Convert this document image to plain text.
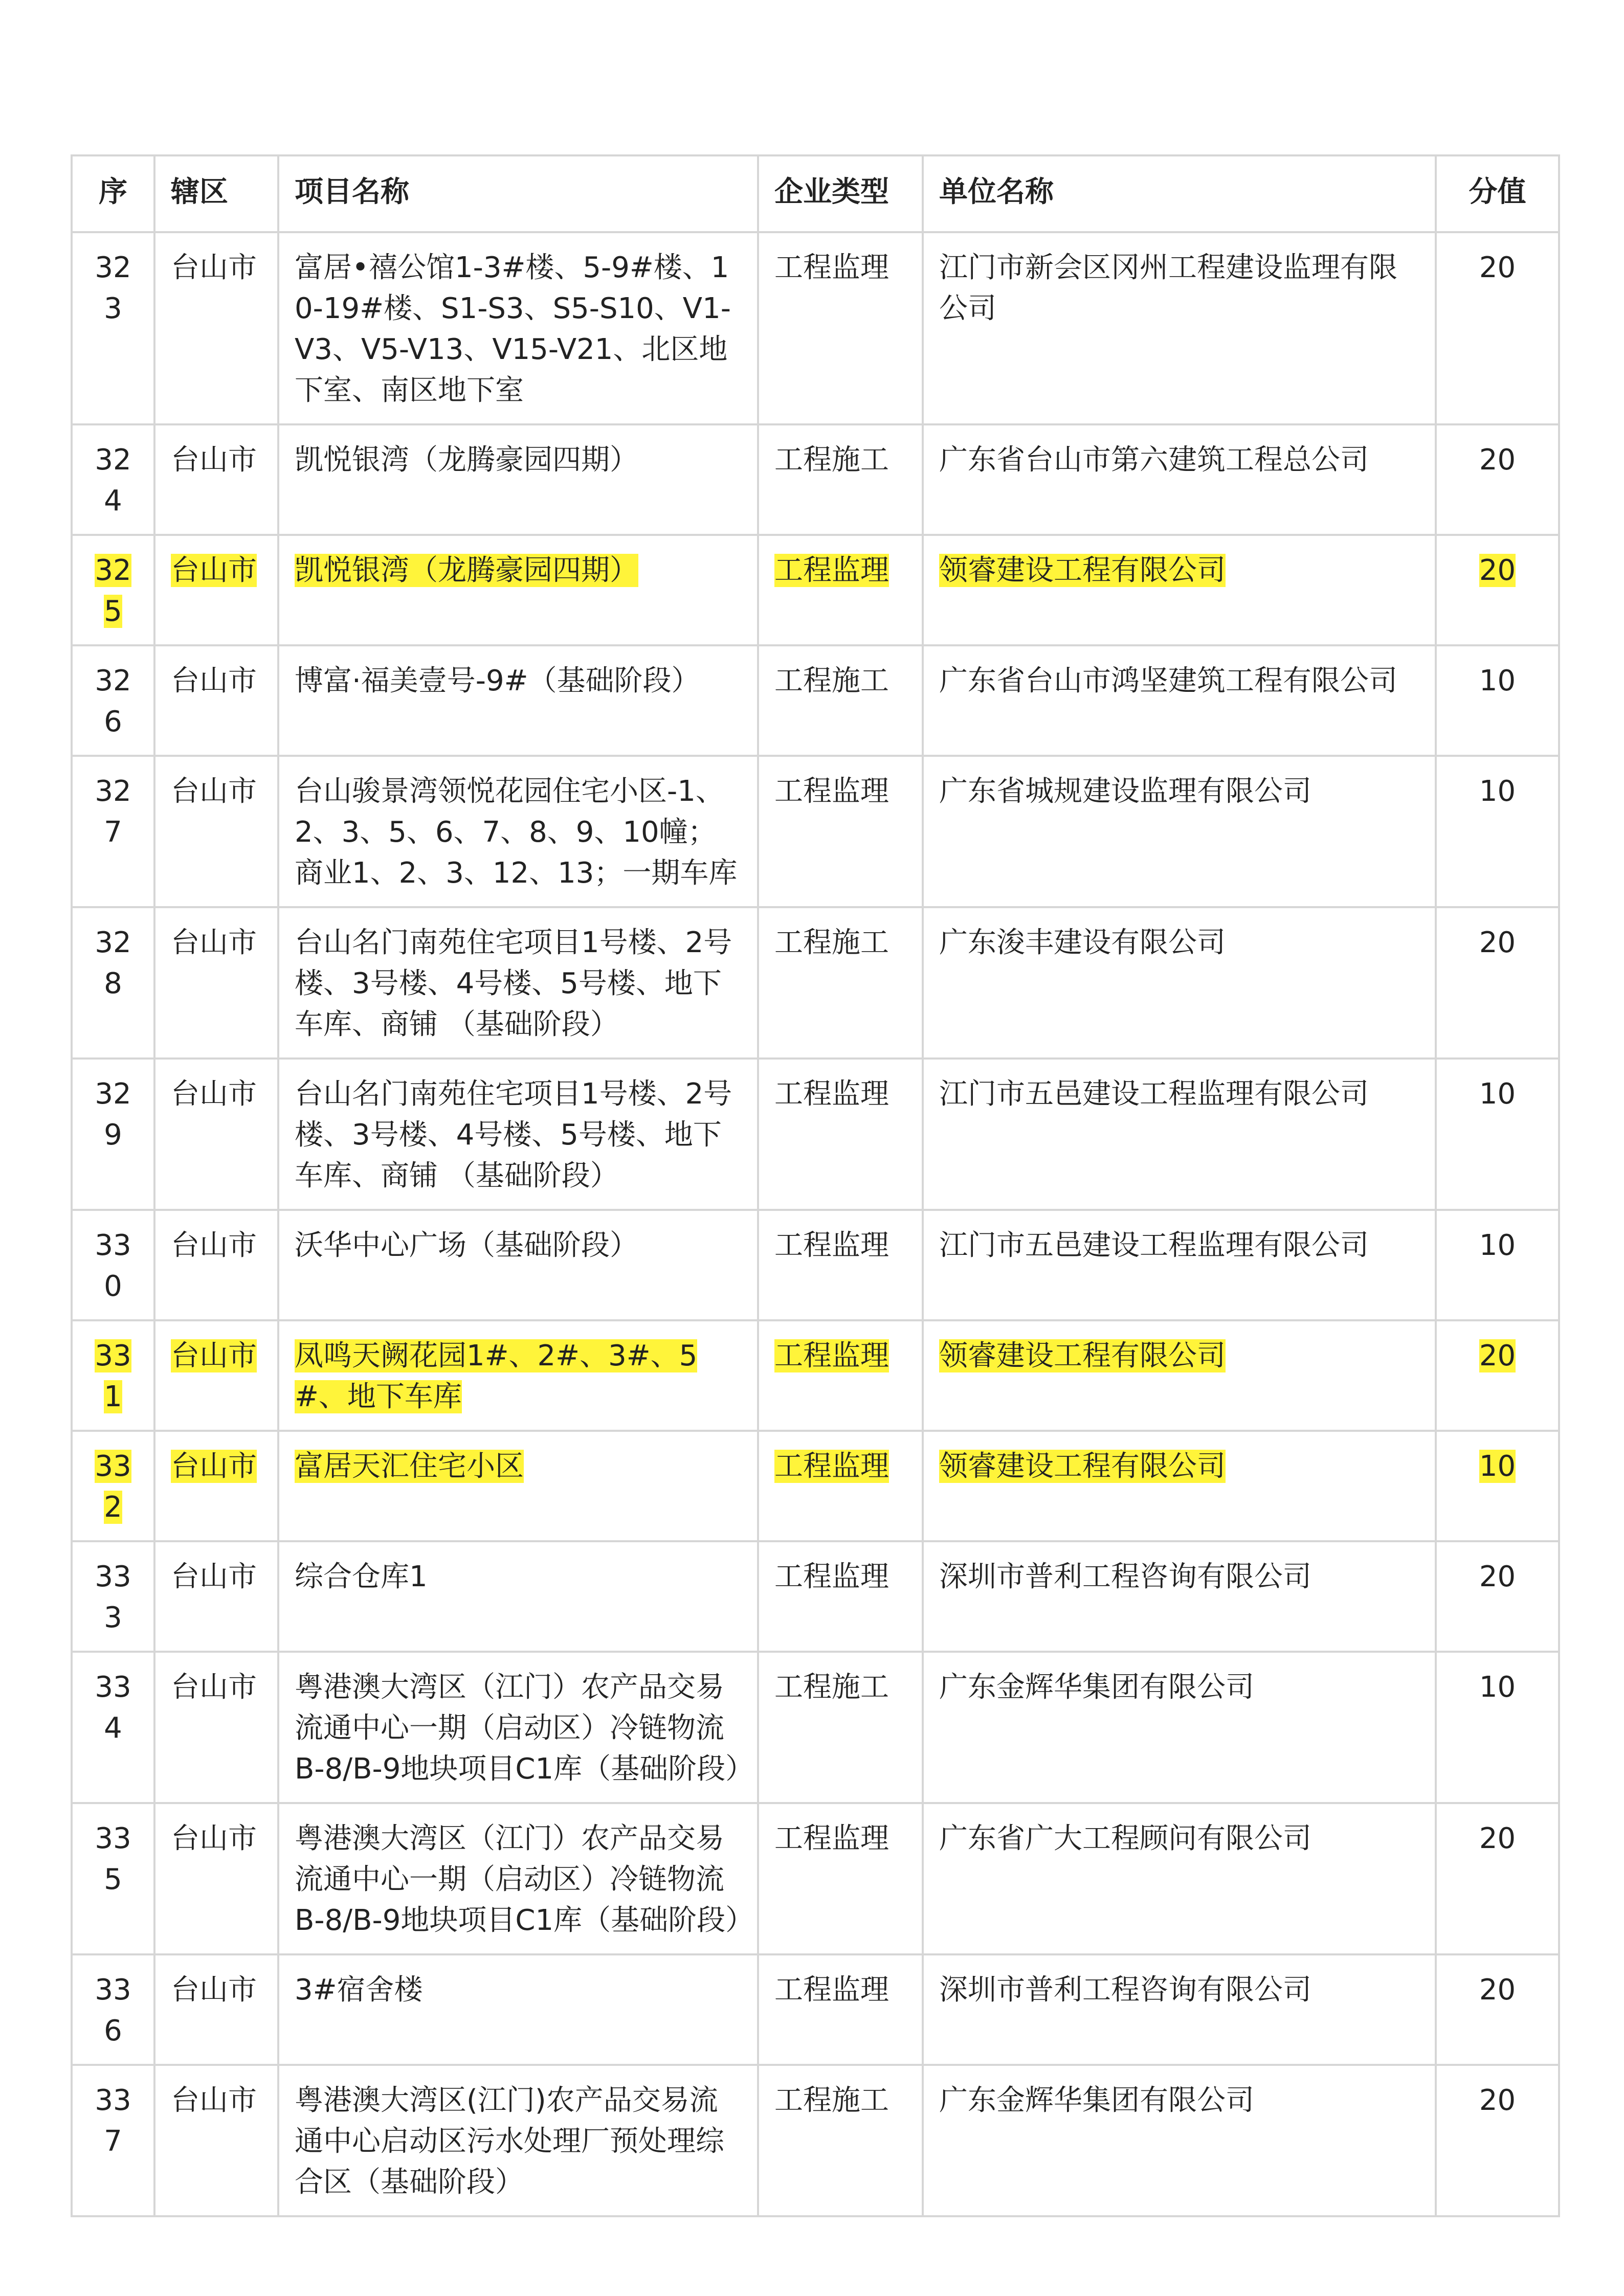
序	辖区	项目名称	企业类型	单位名称	分值
323	台山市	富居•禧公馆1-3#楼、5-9#楼、10-19#楼、S1-S3、S5-S10、V1-V3、V5-V13、V15-V21、北区地下室、南区地下室	工程监理	江门市新会区冈州工程建设监理有限公司	20
324	台山市	凯悦银湾（龙腾豪园四期）	工程施工	广东省台山市第六建筑工程总公司	20
325	台山市	凯悦银湾（龙腾豪园四期）	工程监理	领睿建设工程有限公司	20
326	台山市	博富·福美壹号-9#（基础阶段）	工程施工	广东省台山市鸿坚建筑工程有限公司	10
327	台山市	台山骏景湾领悦花园住宅小区-1、2、3、5、6、7、8、9、10幢；商业1、2、3、12、13；一期车库	工程监理	广东省城规建设监理有限公司	10
328	台山市	台山名门南苑住宅项目1号楼、2号楼、3号楼、4号楼、5号楼、地下车库、商铺 （基础阶段）	工程施工	广东浚丰建设有限公司	20
329	台山市	台山名门南苑住宅项目1号楼、2号楼、3号楼、4号楼、5号楼、地下车库、商铺 （基础阶段）	工程监理	江门市五邑建设工程监理有限公司	10
330	台山市	沃华中心广场（基础阶段）	工程监理	江门市五邑建设工程监理有限公司	10
331	台山市	凤鸣天阙花园1#、2#、3#、5#、地下车库	工程监理	领睿建设工程有限公司	20
332	台山市	富居天汇住宅小区	工程监理	领睿建设工程有限公司	10
333	台山市	综合仓库1	工程监理	深圳市普利工程咨询有限公司	20
334	台山市	粤港澳大湾区（江门）农产品交易流通中心一期（启动区）冷链物流B-8/B-9地块项目C1库（基础阶段）	工程施工	广东金辉华集团有限公司	10
335	台山市	粤港澳大湾区（江门）农产品交易流通中心一期（启动区）冷链物流B-8/B-9地块项目C1库（基础阶段）	工程监理	广东省广大工程顾问有限公司	20
336	台山市	3#宿舍楼	工程监理	深圳市普利工程咨询有限公司	20
337	台山市	粤港澳大湾区(江门)农产品交易流通中心启动区污水处理厂预处理综合区（基础阶段）	工程施工	广东金辉华集团有限公司	20
